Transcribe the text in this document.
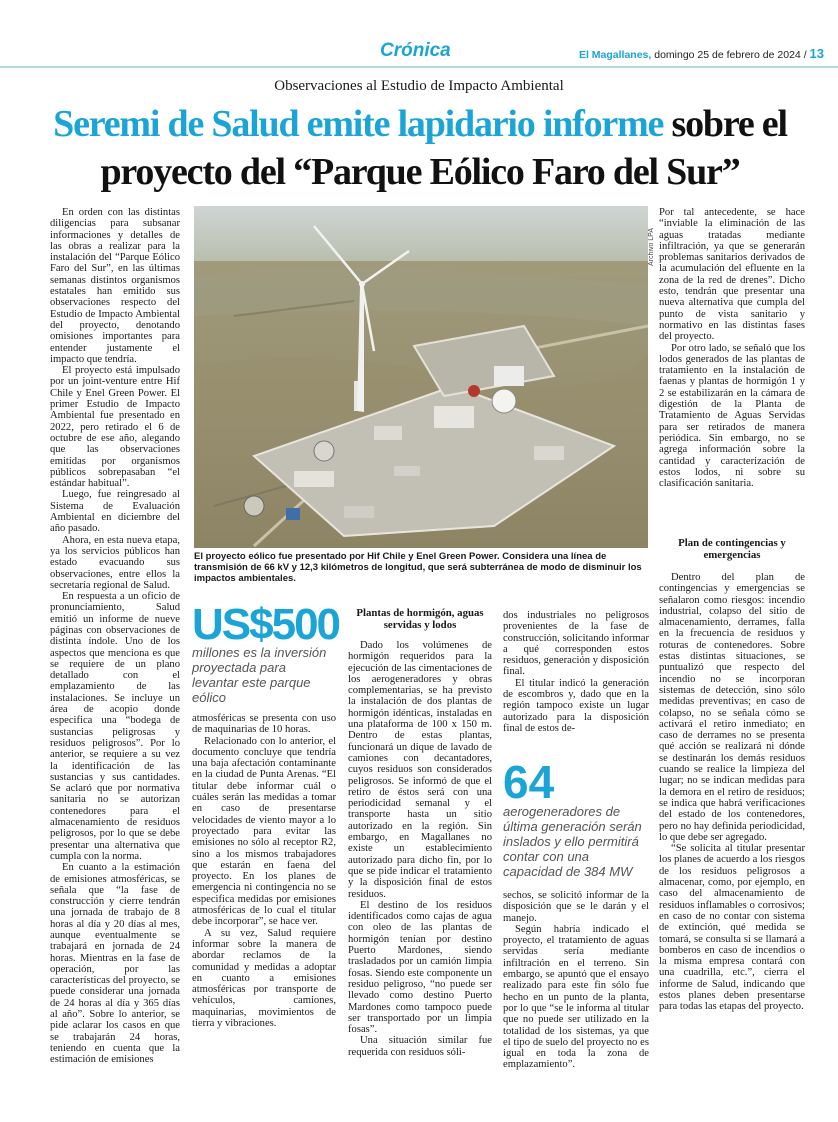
Crónica	El Magallanes, domingo 25 de febrero de 2024 / 13
Observaciones al Estudio de Impacto Ambiental
Seremi de Salud emite lapidario informe sobre el proyecto del “Parque Eólico Faro del Sur”

En orden con las distintas diligencias para subsanar informaciones y detalles de las obras a realizar para la instalación del “Parque Eólico Faro del Sur”, en las últimas semanas distintos organismos estatales han emitido sus observaciones respecto del Estudio de Impacto Ambiental del proyecto, denotando omisiones importantes para entender justamente el impacto que tendría.

El proyecto está impulsado por un joint-venture entre Hif Chile y Enel Green Power. El primer Estudio de Impacto Ambiental fue presentado en 2022, pero retirado el 6 de octubre de ese año, alegando que las observaciones emitidas por organismos públicos sobrepasaban “el estándar habitual”.

Luego, fue reingresado al Sistema de Evaluación Ambiental en diciembre del año pasado.

Ahora, en esta nueva etapa, ya los servicios públicos han estado evacuando sus observaciones, entre ellos la secretaría regional de Salud.

En respuesta a un oficio de pronunciamiento, Salud emitió un informe de nueve páginas con observaciones de distinta índole. Uno de los aspectos que menciona es que se requiere de un plano detallado con el emplazamiento de las instalaciones. Se incluye un área de acopio donde especifica una “bodega de sustancias peligrosas y residuos peligrosos”. Por lo anterior, se requiere a su vez la identificación de las sustancias y sus cantidades. Se aclaró que por normativa sanitaria no se autorizan contenedores para el almacenamiento de residuos peligrosos, por lo que se debe presentar una alternativa que cumpla con la norma.

En cuanto a la estimación de emisiones atmosféricas, se señala que “la fase de construcción y cierre tendrán una jornada de trabajo de 8 horas al día y 20 días al mes, aunque eventualmente se trabajará en jornada de 24 horas. Mientras en la fase de operación, por las características del proyecto, se puede considerar una jornada de 24 horas al día y 365 días al año”. Sobre lo anterior, se pide aclarar los casos en que se trabajarán 24 horas, teniendo en cuenta que la estimación de emisiones

Archivo LPA
El proyecto eólico fue presentado por Hif Chile y Enel Green Power. Considera una línea de transmisión de 66 kV y 12,3 kilómetros de longitud, que será subterránea de modo de disminuir los impactos ambientales.
US$500
millones es la inversión proyectada para levantar este parque eólico

atmosféricas se presenta con uso de maquinarias de 10 horas.

Relacionado con lo anterior, el documento concluye que tendría una baja afectación contaminante en la ciudad de Punta Arenas. “El titular debe informar cuál o cuáles serán las medidas a tomar en caso de presentarse velocidades de viento mayor a lo proyectado para evitar las emisiones no sólo al receptor R2, sino a los mismos trabajadores que estarán en faena del proyecto. En los planes de emergencia ni contingencia no se especifica medidas por emisiones atmosféricas de lo cual el titular debe incorporar”, se hace ver.

A su vez, Salud requiere informar sobre la manera de abordar reclamos de la comunidad y medidas a adoptar en cuanto a emisiones atmosféricas por transporte de vehículos, camiones, maquinarias, movimientos de tierra y vibraciones.

Plantas de hormigón, aguas servidas y lodos

Dado los volúmenes de hormigón requeridos para la ejecución de las cimentaciones de los aerogeneradores y obras complementarias, se ha previsto la instalación de dos plantas de hormigón idénticas, instaladas en una plataforma de 100 x 150 m. Dentro de estas plantas, funcionará un dique de lavado de camiones con decantadores, cuyos residuos son considerados peligrosos. Se informó de que el retiro de éstos será con una periodicidad semanal y el transporte hasta un sitio autorizado en la región. Sin embargo, en Magallanes no existe un establecimiento autorizado para dicho fin, por lo que se pide indicar el tratamiento y la disposición final de estos residuos.

El destino de los residuos identificados como cajas de agua con oleo de las plantas de hormigón tenían por destino Puerto Mardones, siendo trasladados por un camión limpia fosas. Siendo este componente un residuo peligroso, “no puede ser llevado como destino Puerto Mardones como tampoco puede ser transportado por un limpia fosas”.

Una situación similar fue requerida con residuos sóli-

dos industriales no peligrosos provenientes de la fase de construcción, solicitando informar a qué corresponden estos residuos, generación y disposición final.

El titular indicó la generación de escombros y, dado que en la región tampoco existe un lugar autorizado para la disposición final de estos de-

64
aerogeneradores de última generación serán inslados y ello permitirá contar con una capacidad de 384 MW

sechos, se solicitó informar de la disposición que se le darán y el manejo.

Según habría indicado el proyecto, el tratamiento de aguas servidas sería mediante infiltración en el terreno. Sin embargo, se apuntó que el ensayo realizado para este fin sólo fue hecho en un punto de la planta, por lo que “se le informa al titular que no puede ser utilizado en la totalidad de los sistemas, ya que el tipo de suelo del proyecto no es igual en toda la zona de emplazamiento”.

Por tal antecedente, se hace “inviable la eliminación de las aguas tratadas mediante infiltración, ya que se generarán problemas sanitarios derivados de la acumulación del efluente en la zona de la red de drenes”. Dicho esto, tendrán que presentar una nueva alternativa que cumpla del punto de vista sanitario y normativo en las distintas fases del proyecto.

Por otro lado, se señaló que los lodos generados de las plantas de tratamiento en la instalación de faenas y plantas de hormigón 1 y 2 se estabilizarán en la cámara de digestión de la Planta de Tratamiento de Aguas Servidas para ser retirados de manera periódica. Sin embargo, no se agrega información sobre la cantidad y caracterización de estos lodos, ni sobre su clasificación sanitaria.

Plan de contingencias y emergencias

Dentro del plan de contingencias y emergencias se señalaron como riesgos: incendio industrial, colapso del sitio de almacenamiento, derrames, falla en la frecuencia de residuos y roturas de contenedores. Sobre estas distintas situaciones, se puntualizó que respecto del incendio no se incorporan sistemas de detección, sino sólo medidas preventivas; en caso de colapso, no se señala cómo se activará el retiro inmediato; en caso de derrames no se presenta qué acción se realizará ni dónde se destinarán los demás residuos cuando se realice la limpieza del lugar; no se indican medidas para la demora en el retiro de residuos; se indica que habrá verificaciones del estado de los contenedores, pero no hay definida periodicidad, lo que debe ser agregado.

“Se solicita al titular presentar los planes de acuerdo a los riesgos de los residuos peligrosos a almacenar, como, por ejemplo, en caso del almacenamiento de residuos inflamables o corrosivos; en caso de no contar con sistema de extinción, qué medida se tomará, se consulta si se llamará a bomberos en caso de incendios o la misma empresa contará con una cuadrilla, etc.”, cierra el informe de Salud, indicando que estos planes deben presentarse para todas las etapas del proyecto.
